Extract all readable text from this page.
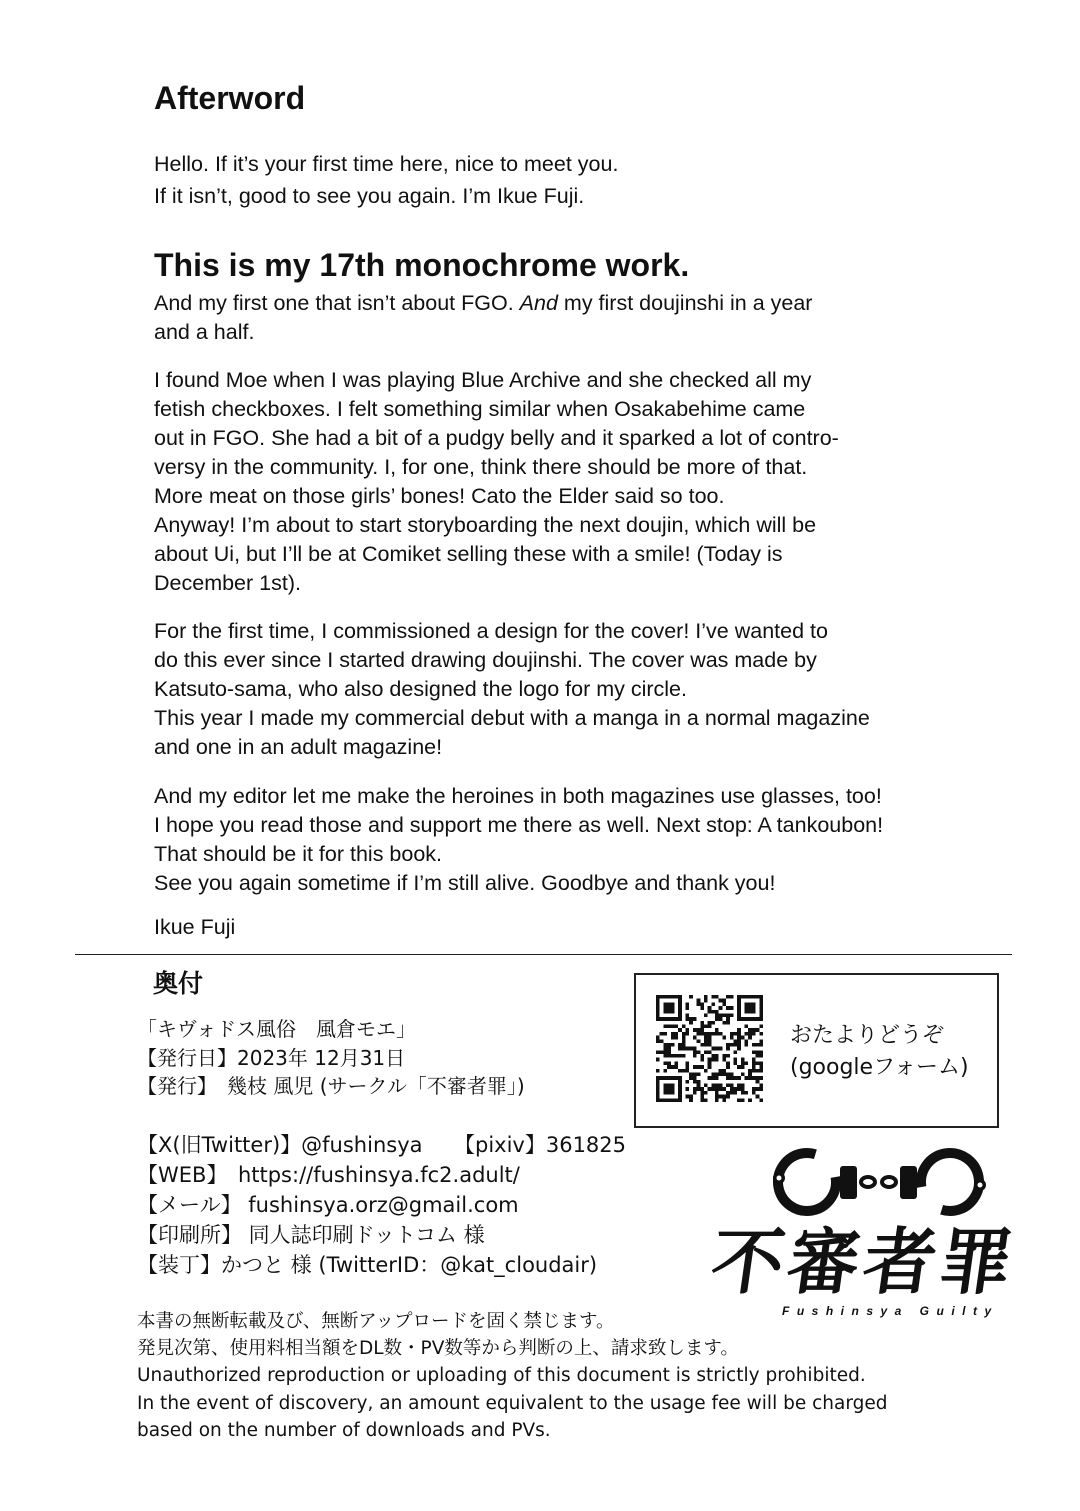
Afterword
Hello. If it’s your first time here, nice to meet you.
If it isn’t, good to see you again. I’m Ikue Fuji.
This is my 17th monochrome work.
And my first one that isn’t about FGO. And my first doujinshi in a year
and a half.
I found Moe when I was playing Blue Archive and she checked all my
fetish checkboxes. I felt something similar when Osakabehime came
out in FGO. She had a bit of a pudgy belly and it sparked a lot of contro-
versy in the community. I, for one, think there should be more of that.
More meat on those girls’ bones! Cato the Elder said so too.
Anyway! I’m about to start storyboarding the next doujin, which will be
about Ui, but I’ll be at Comiket selling these with a smile! (Today is
December 1st).
For the first time, I commissioned a design for the cover! I’ve wanted to
do this ever since I started drawing doujinshi. The cover was made by
Katsuto-sama, who also designed the logo for my circle.
This year I made my commercial debut with a manga in a normal magazine
and one in an adult magazine!
And my editor let me make the heroines in both magazines use glasses, too!
I hope you read those and support me there as well. Next stop: A tankoubon!
That should be it for this book.
See you again sometime if I’m still alive. Goodbye and thank you!
Ikue Fuji
奥付
「キヴォドス風俗　風倉モエ」
【発行日】2023年 12月31日
【発行】　幾枝 風児 (サークル「不審者罪」)
【X(旧Twitter)】@fushinsya　　【pixiv】361825
【WEB】　https://fushinsya.fc2.adult/
【メール】 fushinsya.orz@gmail.com
【印刷所】 同人誌印刷ドットコム 様
【装丁】かつと 様 (TwitterID：@kat_cloudair)
本書の無断転載及び、無断アップロードを固く禁じます。
発見次第、使用料相当額をDL数・PV数等から判断の上、請求致します。
Unauthorized reproduction or uploading of this document is strictly prohibited.
In the event of discovery, an amount equivalent to the usage fee will be charged
based on the number of downloads and PVs.
おたよりどうぞ
(googleフォーム)
不審者罪
Fushinsya Guilty
